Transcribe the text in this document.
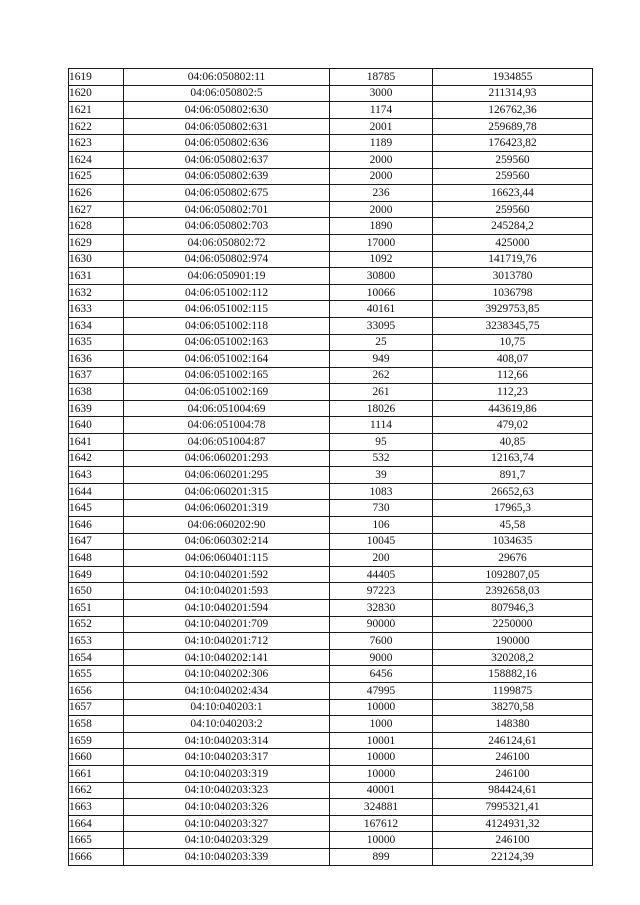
1619	04:06:050802:11	18785	1934855
1620	04:06:050802:5	3000	211314,93
1621	04:06:050802:630	1174	126762,36
1622	04:06:050802:631	2001	259689,78
1623	04:06:050802:636	1189	176423,82
1624	04:06:050802:637	2000	259560
1625	04:06:050802:639	2000	259560
1626	04:06:050802:675	236	16623,44
1627	04:06:050802:701	2000	259560
1628	04:06:050802:703	1890	245284,2
1629	04:06:050802:72	17000	425000
1630	04:06:050802:974	1092	141719,76
1631	04:06:050901:19	30800	3013780
1632	04:06:051002:112	10066	1036798
1633	04:06:051002:115	40161	3929753,85
1634	04:06:051002:118	33095	3238345,75
1635	04:06:051002:163	25	10,75
1636	04:06:051002:164	949	408,07
1637	04:06:051002:165	262	112,66
1638	04:06:051002:169	261	112,23
1639	04:06:051004:69	18026	443619,86
1640	04:06:051004:78	1114	479,02
1641	04:06:051004:87	95	40,85
1642	04:06:060201:293	532	12163,74
1643	04:06:060201:295	39	891,7
1644	04:06:060201:315	1083	26652,63
1645	04:06:060201:319	730	17965,3
1646	04:06:060202:90	106	45,58
1647	04:06:060302:214	10045	1034635
1648	04:06:060401:115	200	29676
1649	04:10:040201:592	44405	1092807,05
1650	04:10:040201:593	97223	2392658,03
1651	04:10:040201:594	32830	807946,3
1652	04:10:040201:709	90000	2250000
1653	04:10:040201:712	7600	190000
1654	04:10:040202:141	9000	320208,2
1655	04:10:040202:306	6456	158882,16
1656	04:10:040202:434	47995	1199875
1657	04:10:040203:1	10000	38270,58
1658	04:10:040203:2	1000	148380
1659	04:10:040203:314	10001	246124,61
1660	04:10:040203:317	10000	246100
1661	04:10:040203:319	10000	246100
1662	04:10:040203:323	40001	984424,61
1663	04:10:040203:326	324881	7995321,41
1664	04:10:040203:327	167612	4124931,32
1665	04:10:040203:329	10000	246100
1666	04:10:040203:339	899	22124,39
